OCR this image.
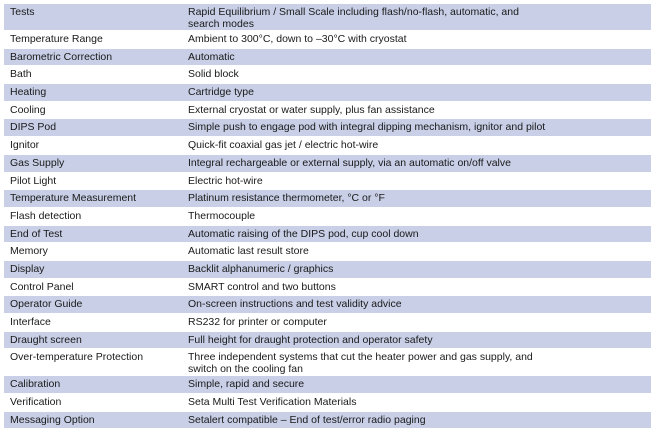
Tests	Rapid Equilibrium / Small Scale including flash/no-flash, automatic, and search modes

Temperature Range	Ambient to 300°C, down to –30°C with cryostat

Barometric Correction	Automatic

Bath	Solid block

Heating	Cartridge type

Cooling	External cryostat or water supply, plus fan assistance

DIPS Pod	Simple push to engage pod with integral dipping mechanism, ignitor and pilot

Ignitor	Quick-fit coaxial gas jet / electric hot-wire

Gas Supply	Integral rechargeable or external supply, via an automatic on/off valve

Pilot Light	Electric hot-wire

Temperature Measurement	Platinum resistance thermometer, °C or °F

Flash detection	Thermocouple

End of Test	Automatic raising of the DIPS pod, cup cool down

Memory	Automatic last result store

Display	Backlit alphanumeric / graphics

Control Panel	SMART control and two buttons

Operator Guide	On-screen instructions and test validity advice

Interface	RS232 for printer or computer

Draught screen	Full height for draught protection and operator safety

Over-temperature Protection	Three independent systems that cut the heater power and gas supply, and switch on the cooling fan

Calibration	Simple, rapid and secure

Verification	Seta Multi Test Verification Materials

Messaging Option	Setalert compatible – End of test/error radio paging
